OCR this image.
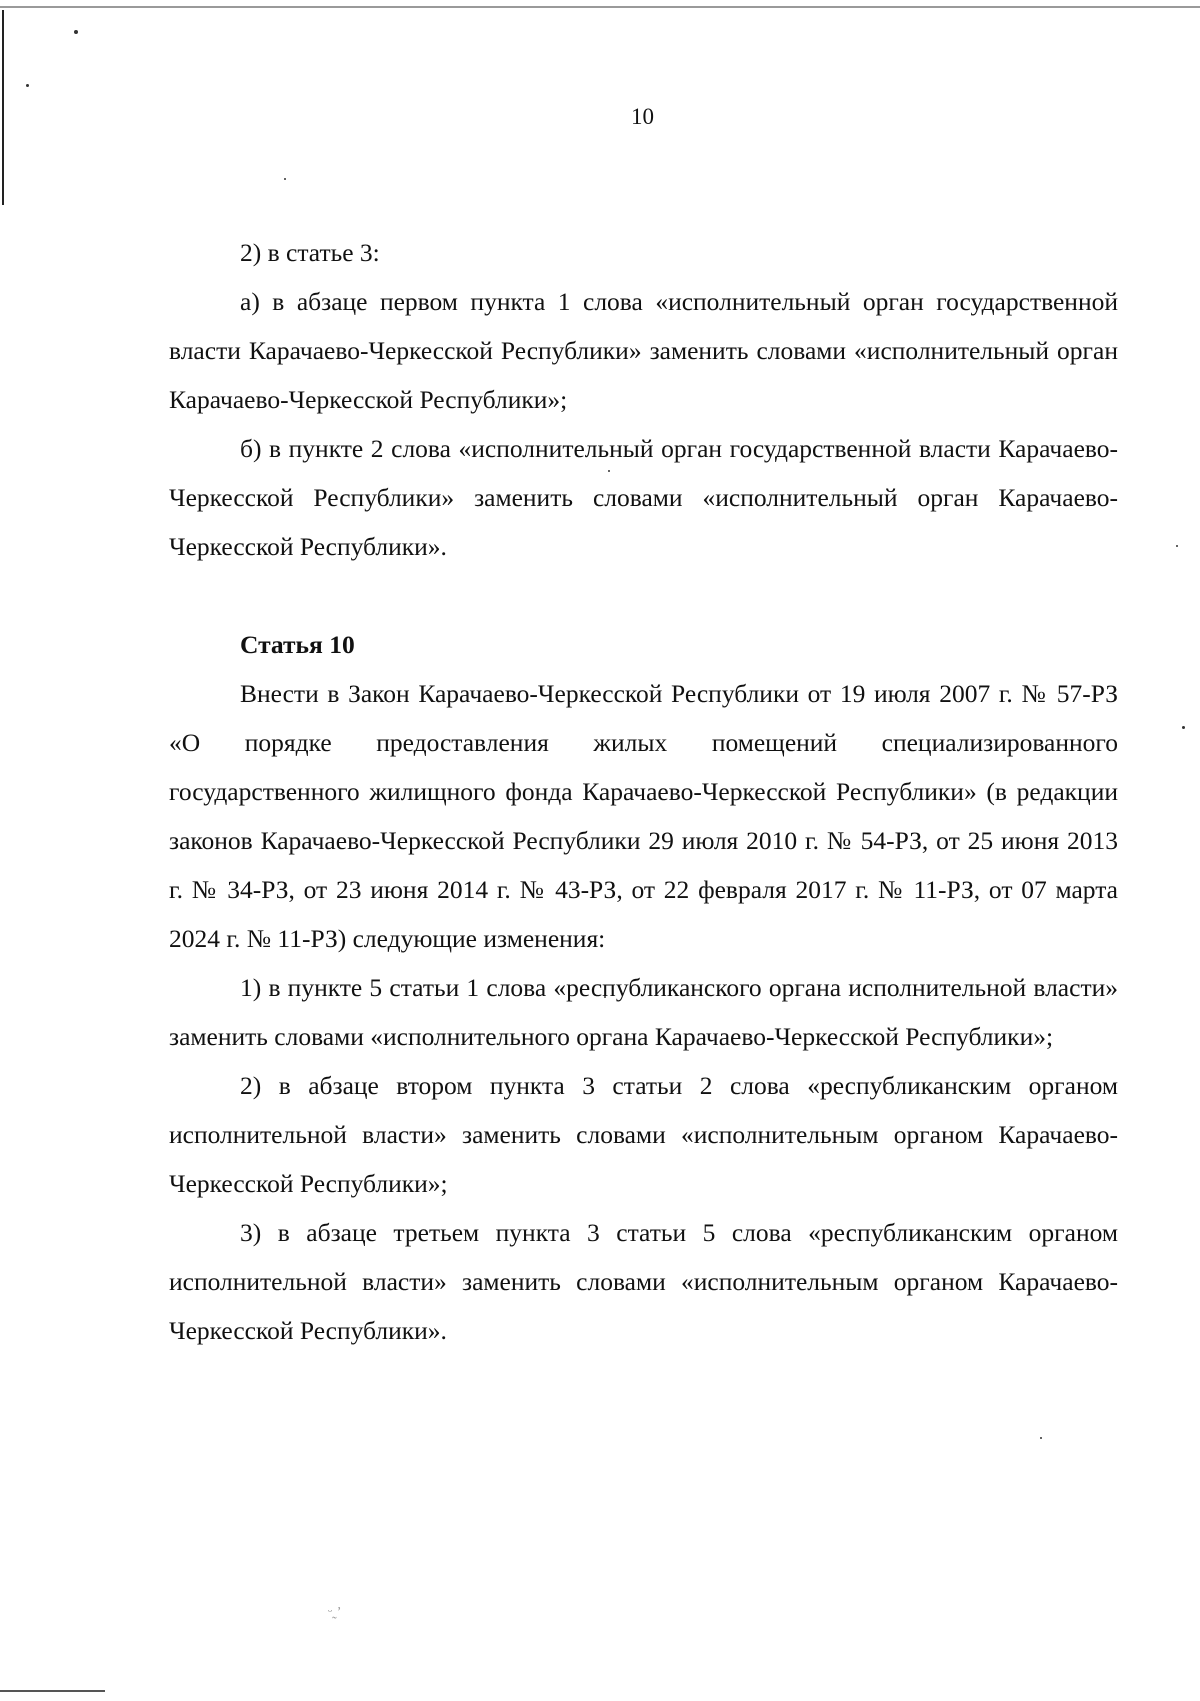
10

2) в статье 3:

а) в абзаце первом пункта 1 слова «исполнительный орган государственной власти Карачаево-Черкесской Республики» заменить словами «исполнительный орган Карачаево-Черкесской Республики»;

б) в пункте 2 слова «исполнительный орган государственной власти Карачаево-Черкесской Республики» заменить словами «исполнительный орган Карачаево-Черкесской Республики».

Статья 10

Внести в Закон Карачаево-Черкесской Республики от 19 июля 2007 г. № 57-РЗ «О порядке предоставления жилых помещений специализированного государственного жилищного фонда Карачаево-Черкесской Республики» (в редакции законов Карачаево-Черкесской Республики 29 июля 2010 г. № 54-РЗ, от 25 июня 2013 г. № 34-РЗ, от 23 июня 2014 г. № 43-РЗ, от 22 февраля 2017 г. № 11-РЗ, от 07 марта 2024 г. № 11-РЗ) следующие изменения:

1) в пункте 5 статьи 1 слова «республиканского органа исполнительной власти» заменить словами «исполнительного органа Карачаево-Черкесской Республики»;

2) в абзаце втором пункта 3 статьи 2 слова «республиканским органом исполнительной власти» заменить словами «исполнительным органом Карачаево-Черкесской Республики»;

3) в абзаце третьем пункта 3 статьи 5 слова «республиканским органом исполнительной власти» заменить словами «исполнительным органом Карачаево-Черкесской Республики».

ᵕ˷ʼ
